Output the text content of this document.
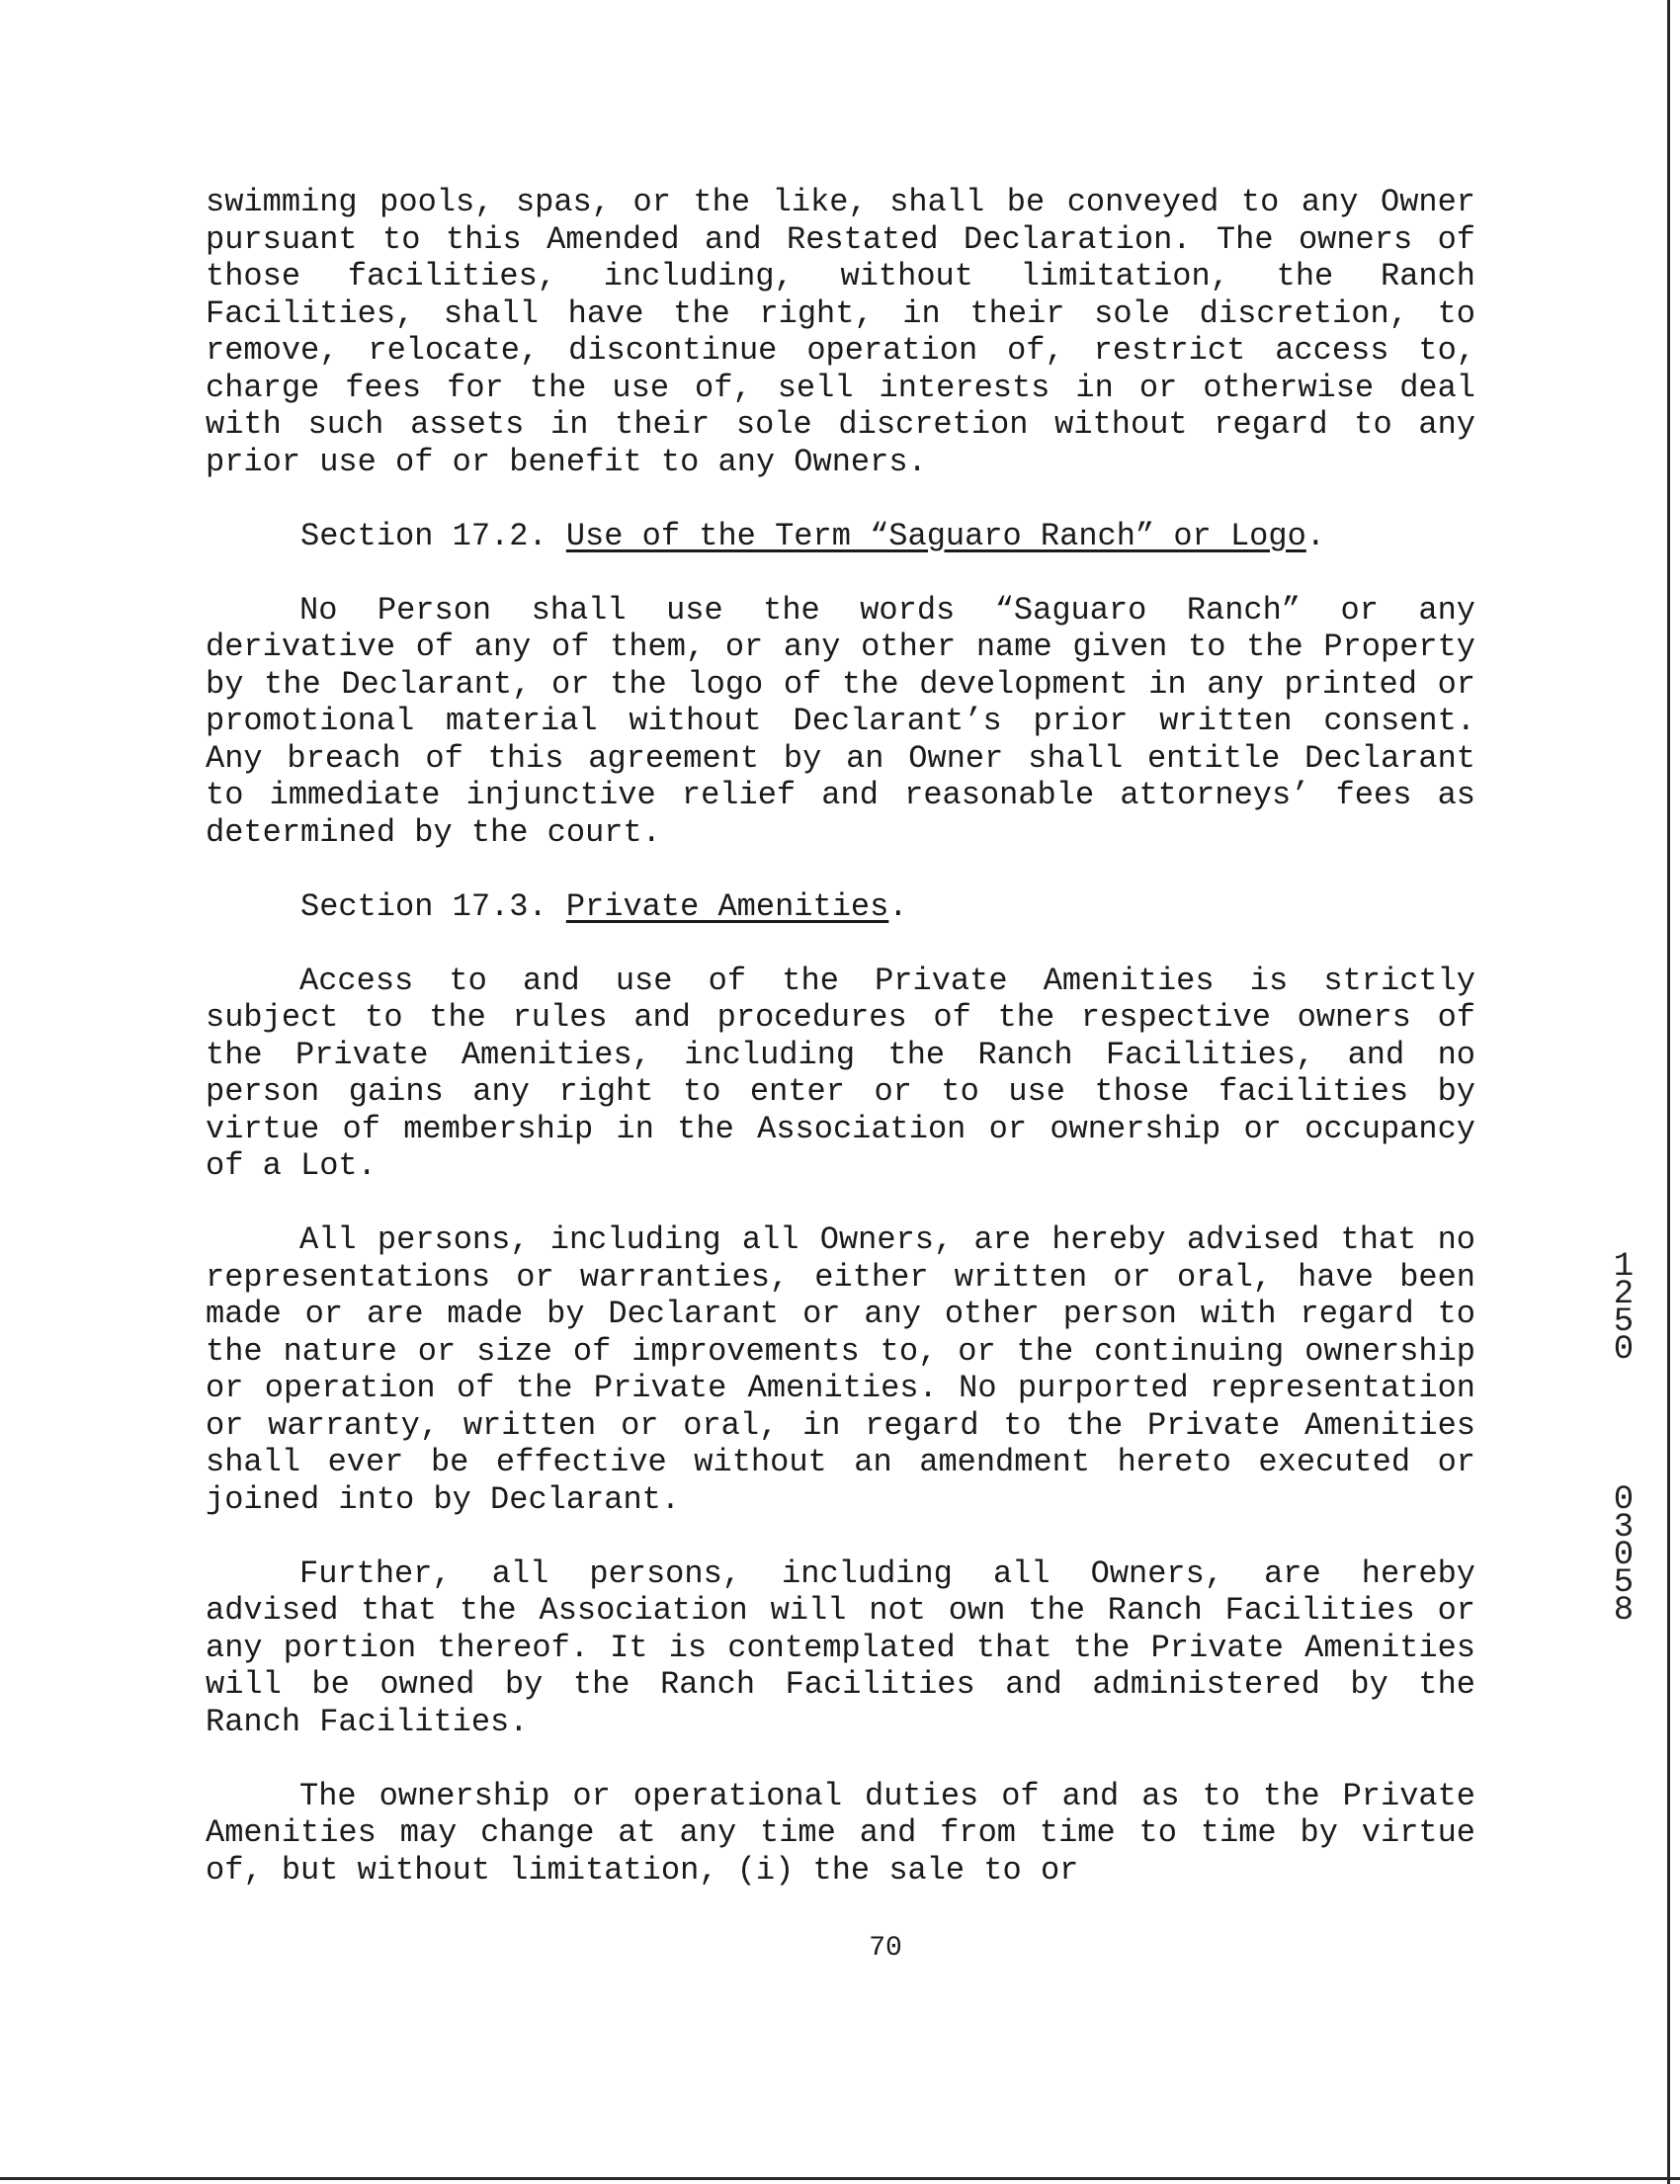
swimming pools, spas, or the like, shall be conveyed to any Owner pursuant to this Amended and Restated Declaration. The owners of those facilities, including, without limitation, the Ranch Facilities, shall have the right, in their sole discretion, to remove, relocate, discontinue operation of, restrict access to, charge fees for the use of, sell interests in or otherwise deal with such assets in their sole discretion without regard to any prior use of or benefit to any Owners.

Section 17.2. Use of the Term “Saguaro Ranch” or Logo.

No Person shall use the words “Saguaro Ranch” or any derivative of any of them, or any other name given to the Property by the Declarant, or the logo of the development in any printed or promotional material without Declarant’s prior written consent. Any breach of this agreement by an Owner shall entitle Declarant to immediate injunctive relief and reasonable attorneys’ fees as determined by the court.

Section 17.3. Private Amenities.

Access to and use of the Private Amenities is strictly subject to the rules and procedures of the respective owners of the Private Amenities, including the Ranch Facilities, and no person gains any right to enter or to use those facilities by virtue of membership in the Association or ownership or occupancy of a Lot.

All persons, including all Owners, are hereby advised that no representations or warranties, either written or oral, have been made or are made by Declarant or any other person with regard to the nature or size of improvements to, or the continuing ownership or operation of the Private Amenities. No purported representation or warranty, written or oral, in regard to the Private Amenities shall ever be effective without an amendment hereto executed or joined into by Declarant.

Further, all persons, including all Owners, are hereby advised that the Association will not own the Ranch Facilities or any portion thereof. It is contemplated that the Private Amenities will be owned by the Ranch Facilities and administered by the Ranch Facilities.

The ownership or operational duties of and as to the Private Amenities may change at any time and from time to time by virtue of, but without limitation, (i) the sale to or

70

1250

03058
